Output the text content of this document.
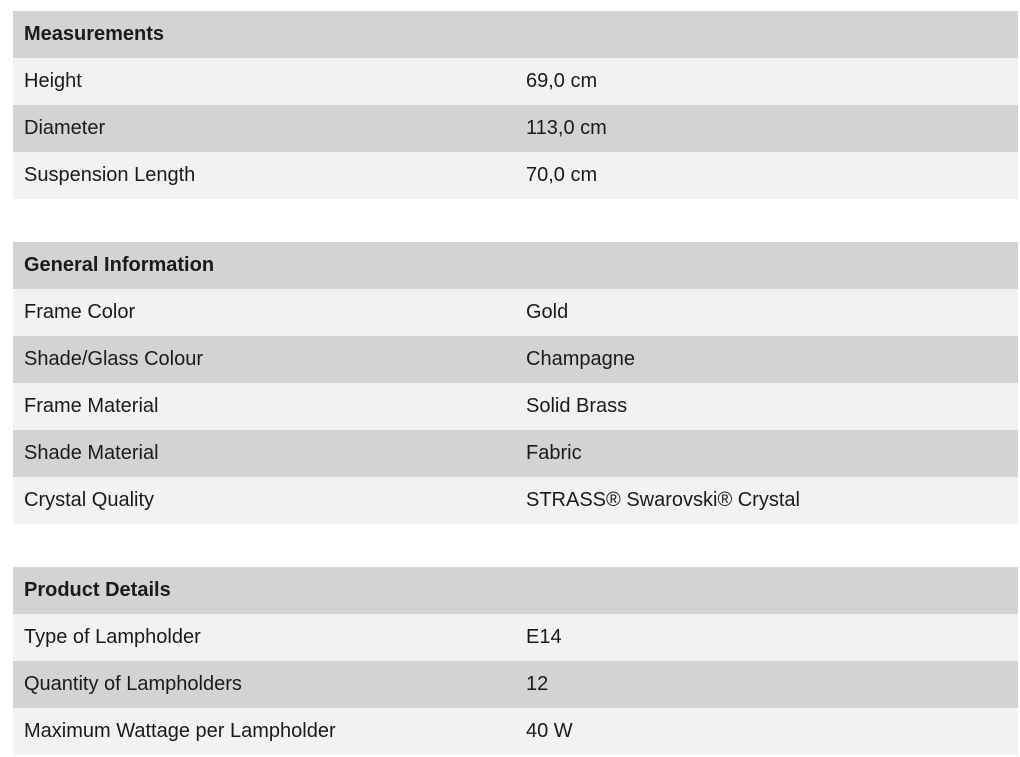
Measurements
Height	69,0 cm
Diameter	113,0 cm
Suspension Length	70,0 cm
General Information
Frame Color	Gold
Shade/Glass Colour	Champagne
Frame Material	Solid Brass
Shade Material	Fabric
Crystal Quality	STRASS® Swarovski® Crystal
Product Details
Type of Lampholder	E14
Quantity of Lampholders	12
Maximum Wattage per Lampholder	40 W
